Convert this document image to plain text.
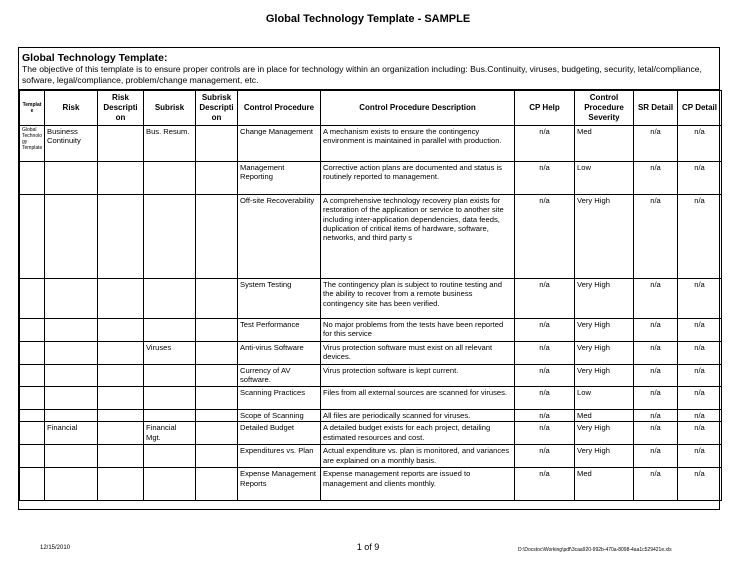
Global Technology Template - SAMPLE
Global Technology Template:
The objective of this template is to ensure proper controls are in place for technology within an organization including: Bus.Continuity, viruses, budgeting, security, letal/compliance, sofware, legal/compliance, problem/change management, etc.
Templat e	Risk	Risk Descripti on	Subrisk	Subrisk Descripti on	Control Procedure	Control Procedure Description	CP Help	Control Procedure Severity	SR Detail	CP Detail
Global Technolo gy Template	Business Continuity		Bus. Resum.		Change Management	A mechanism exists to ensure the contingency environment is maintained in parallel with production.	n/a	Med	n/a	n/a
					Management Reporting	Corrective action plans are documented and status is routinely reported to management.	n/a	Low	n/a	n/a
					Off-site Recoverability	A comprehensive technology recovery plan exists for restoration of the application or service to another site including inter-application dependencies, data feeds, duplication of critical items of hardware, software, networks, and third party s	n/a	Very High	n/a	n/a
					System Testing	The contingency plan is subject to routine testing and the ability to recover from a remote business contingency site has been verified.	n/a	Very High	n/a	n/a
					Test Performance	No major problems from the tests have been reported for this service	n/a	Very High	n/a	n/a
			Viruses		Anti-virus Software	Virus protection software must exist on all relevant devices.	n/a	Very High	n/a	n/a
					Currency of AV software.	Virus protection software is kept current.	n/a	Very High	n/a	n/a
					Scanning Practices	Files from all external sources are scanned for viruses.	n/a	Low	n/a	n/a
					Scope of Scanning	All files are periodically scanned for viruses.	n/a	Med	n/a	n/a
	Financial		Financial Mgt.		Detailed Budget	A detailed budget exists for each project, detailing estimated resources and cost.	n/a	Very High	n/a	n/a
					Expenditures vs. Plan	Actual expenditure vs. plan is monitored, and variances are explained on a monthly basis.	n/a	Very High	n/a	n/a
					Expense Management Reports	Expense management reports are issued to management and clients monthly.	n/a	Med	n/a	n/a
12/15/2010	1 of 9	D:\Docstoc\Working\pdf\3caa920-992b-470a-8098-4aa1c529421e.xls
